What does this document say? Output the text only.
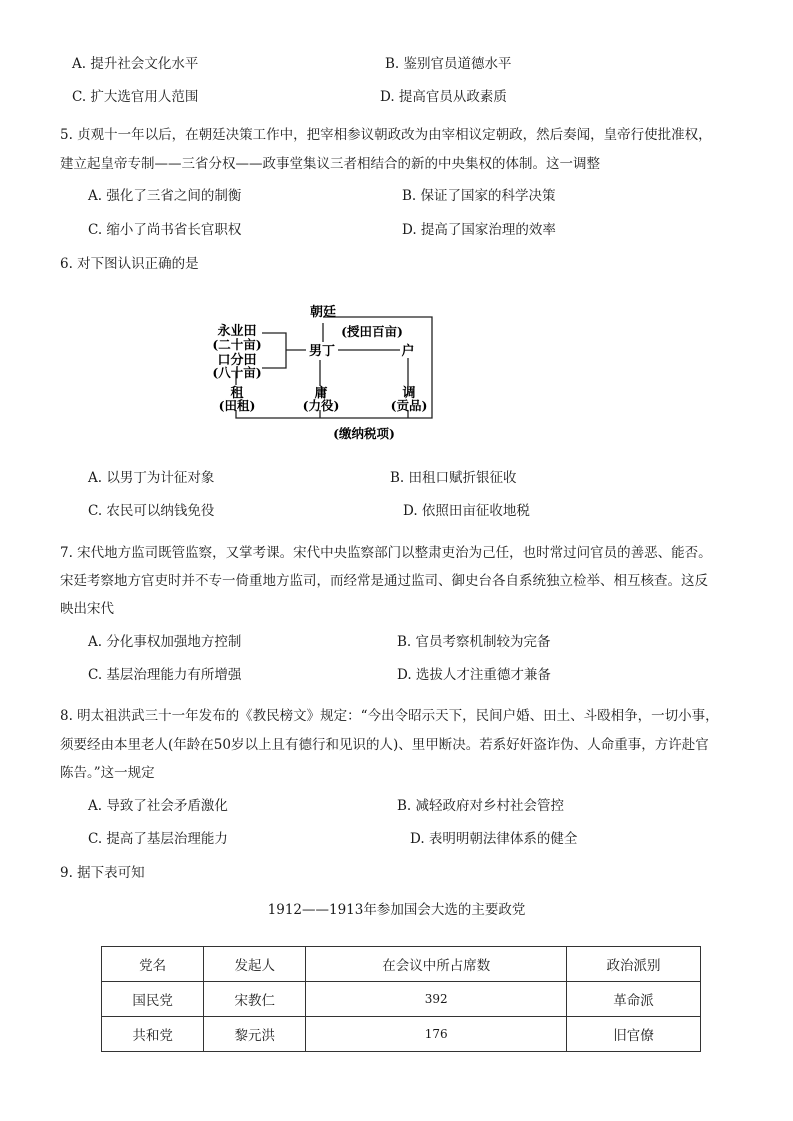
A. 提升社会文化水平	B. 鉴别官员道德水平
C. 扩大选官用人范围	D. 提高官员从政素质
5. 贞观十一年以后，在朝廷决策工作中，把宰相参议朝政改为由宰相议定朝政，然后奏闻，皇帝行使批准权，
建立起皇帝专制——三省分权——政事堂集议三者相结合的新的中央集权的体制。这一调整
A. 强化了三省之间的制衡	B. 保证了国家的科学决策
C. 缩小了尚书省长官职权	D. 提高了国家治理的效率
6. 对下图认识正确的是
朝廷
(授田百亩)
永业田
(二十亩)
口分田
(八十亩)
男丁	户
租
(田租)
庸
(力役)
调
(贡品)
(缴纳税项)
A. 以男丁为计征对象	B. 田租口赋折银征收
C. 农民可以纳钱免役	D. 依照田亩征收地税
7. 宋代地方监司既管监察，又掌考课。宋代中央监察部门以整肃吏治为己任，也时常过问官员的善恶、能否。
宋廷考察地方官吏时并不专一倚重地方监司，而经常是通过监司、御史台各自系统独立检举、相互核查。这反
映出宋代
A. 分化事权加强地方控制	B. 官员考察机制较为完备
C. 基层治理能力有所增强	D. 选拔人才注重德才兼备
8. 明太祖洪武三十一年发布的《教民榜文》规定：“今出令昭示天下，民间户婚、田土、斗殴相争，一切小事，
须要经由本里老人(年龄在50岁以上且有德行和见识的人)、里甲断决。若系好奸盗诈伪、人命重事，方许赴官
陈告。”这一规定
A. 导致了社会矛盾激化	B. 减轻政府对乡村社会管控
C. 提高了基层治理能力	D. 表明明朝法律体系的健全
9. 据下表可知
1912——1913年参加国会大选的主要政党
党名	发起人	在会议中所占席数	政治派别
国民党	宋教仁	392	革命派
共和党	黎元洪	176	旧官僚
